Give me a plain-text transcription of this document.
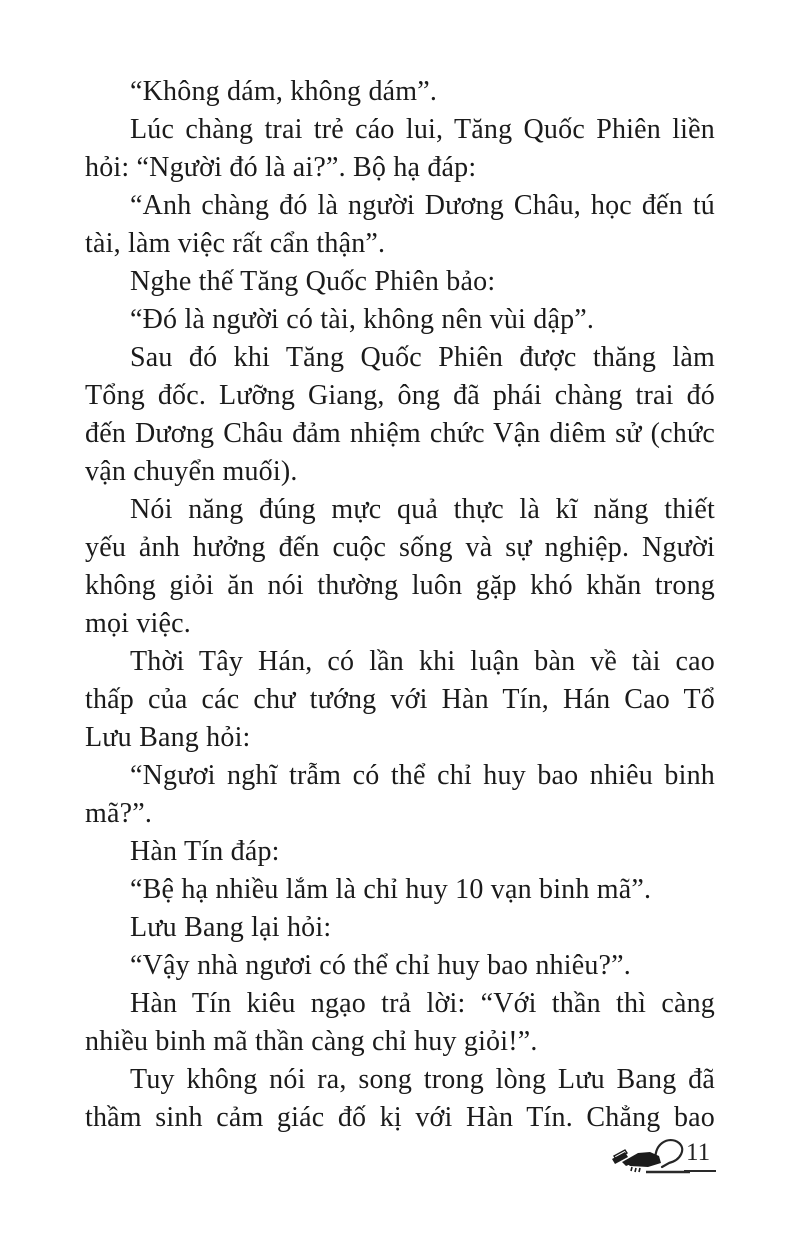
“Không dám, không dám”.
Lúc chàng trai trẻ cáo lui, Tăng Quốc Phiên liền
hỏi: “Người đó là ai?”. Bộ hạ đáp:
“Anh chàng đó là người Dương Châu, học đến tú
tài, làm việc rất cẩn thận”.
Nghe thế Tăng Quốc Phiên bảo:
“Đó là người có tài, không nên vùi dập”.
Sau đó khi Tăng Quốc Phiên được thăng làm
Tổng đốc. Lưỡng Giang, ông đã phái chàng trai đó
đến Dương Châu đảm nhiệm chức Vận diêm sử (chức
vận chuyển muối).
Nói năng đúng mực quả thực là kĩ năng thiết
yếu ảnh hưởng đến cuộc sống và sự nghiệp. Người
không giỏi ăn nói thường luôn gặp khó khăn trong
mọi việc.
Thời Tây Hán, có lần khi luận bàn về tài cao
thấp của các chư tướng với Hàn Tín, Hán Cao Tổ
Lưu Bang hỏi:
“Ngươi nghĩ trẫm có thể chỉ huy bao nhiêu binh
mã?”.
Hàn Tín đáp:
“Bệ hạ nhiều lắm là chỉ huy 10 vạn binh mã”.
Lưu Bang lại hỏi:
“Vậy nhà ngươi có thể chỉ huy bao nhiêu?”.
Hàn Tín kiêu ngạo trả lời: “Với thần thì càng
nhiều binh mã thần càng chỉ huy giỏi!”.
Tuy không nói ra, song trong lòng Lưu Bang đã
thầm sinh cảm giác đố kị với Hàn Tín. Chẳng bao
11
